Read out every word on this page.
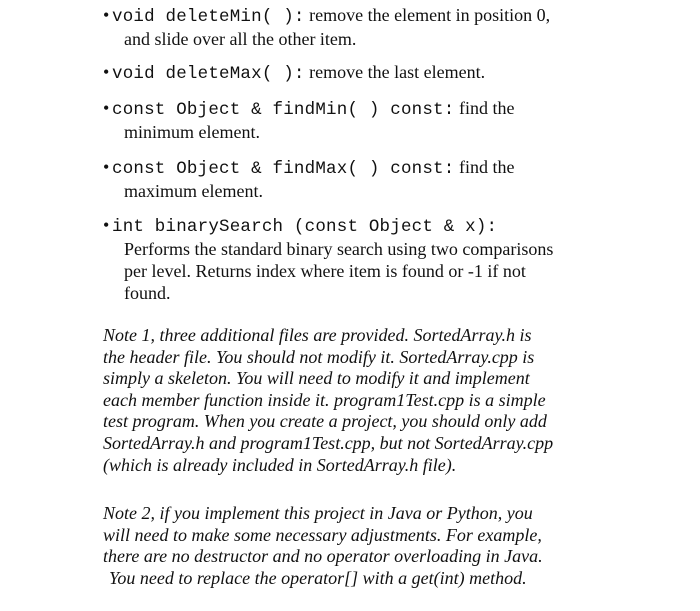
• void deleteMin( ): remove the element in position 0,
and slide over all the other item.
• void deleteMax( ): remove the last element.
• const Object & findMin( ) const: find the
minimum element.
• const Object & findMax( ) const: find the
maximum element.
• int binarySearch (const Object & x):
Performs the standard binary search using two comparisons
per level. Returns index where item is found or -1 if not
found.
Note 1, three additional files are provided. SortedArray.h is
the header file. You should not modify it. SortedArray.cpp is
simply a skeleton. You will need to modify it and implement
each member function inside it. program1Test.cpp is a simple
test program. When you create a project, you should only add
SortedArray.h and program1Test.cpp, but not SortedArray.cpp
(which is already included in SortedArray.h file).
Note 2, if you implement this project in Java or Python, you
will need to make some necessary adjustments. For example,
there are no destructor and no operator overloading in Java.
You need to replace the operator[] with a get(int) method.
